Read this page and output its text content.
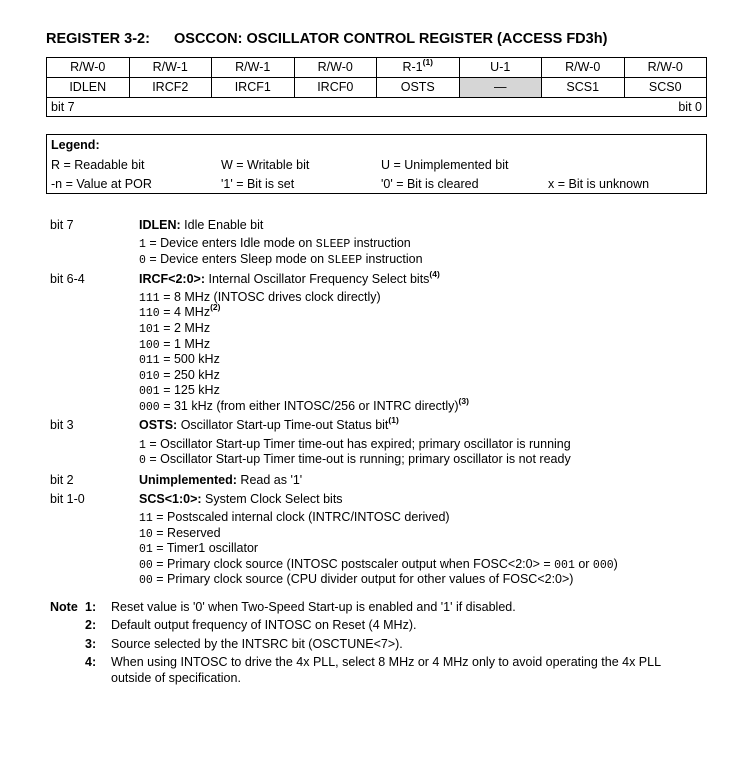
REGISTER 3-2: OSCCON: OSCILLATOR CONTROL REGISTER (ACCESS FD3h)
R/W-0	R/W-1	R/W-1	R/W-0	R-1$^{(1)}$	U-1	R/W-0	R/W-0
IDLEN	IRCF2	IRCF1	IRCF0	OSTS	—	SCS1	SCS0
bit 7	bit 0
Legend:
R = Readable bit	W = Writable bit	U = Unimplemented bit
-n = Value at POR	'1' = Bit is set	'0' = Bit is cleared	x = Bit is unknown
bit 7	IDLEN: Idle Enable bit
1 = Device enters Idle mode on SLEEP instruction
0 = Device enters Sleep mode on SLEEP instruction
bit 6-4	IRCF<2:0>: Internal Oscillator Frequency Select bits$^{(4)}$
111 = 8 MHz (INTOSC drives clock directly)
110 = 4 MHz$^{(2)}$
101 = 2 MHz
100 = 1 MHz
011 = 500 kHz
010 = 250 kHz
001 = 125 kHz
000 = 31 kHz (from either INTOSC/256 or INTRC directly)$^{(3)}$
bit 3	OSTS: Oscillator Start-up Time-out Status bit$^{(1)}$
1 = Oscillator Start-up Timer time-out has expired; primary oscillator is running
0 = Oscillator Start-up Timer time-out is running; primary oscillator is not ready
bit 2	Unimplemented: Read as '1'
bit 1-0	SCS<1:0>: System Clock Select bits
11 = Postscaled internal clock (INTRC/INTOSC derived)
10 = Reserved
01 = Timer1 oscillator
00 = Primary clock source (INTOSC postscaler output when FOSC<2:0> = 001 or 000)
00 = Primary clock source (CPU divider output for other values of FOSC<2:0>)
Note 1: Reset value is '0' when Two-Speed Start-up is enabled and '1' if disabled.
2: Default output frequency of INTOSC on Reset (4 MHz).
3: Source selected by the INTSRC bit (OSCTUNE<7>).
4: When using INTOSC to drive the 4x PLL, select 8 MHz or 4 MHz only to avoid operating the 4x PLL
outside of specification.
